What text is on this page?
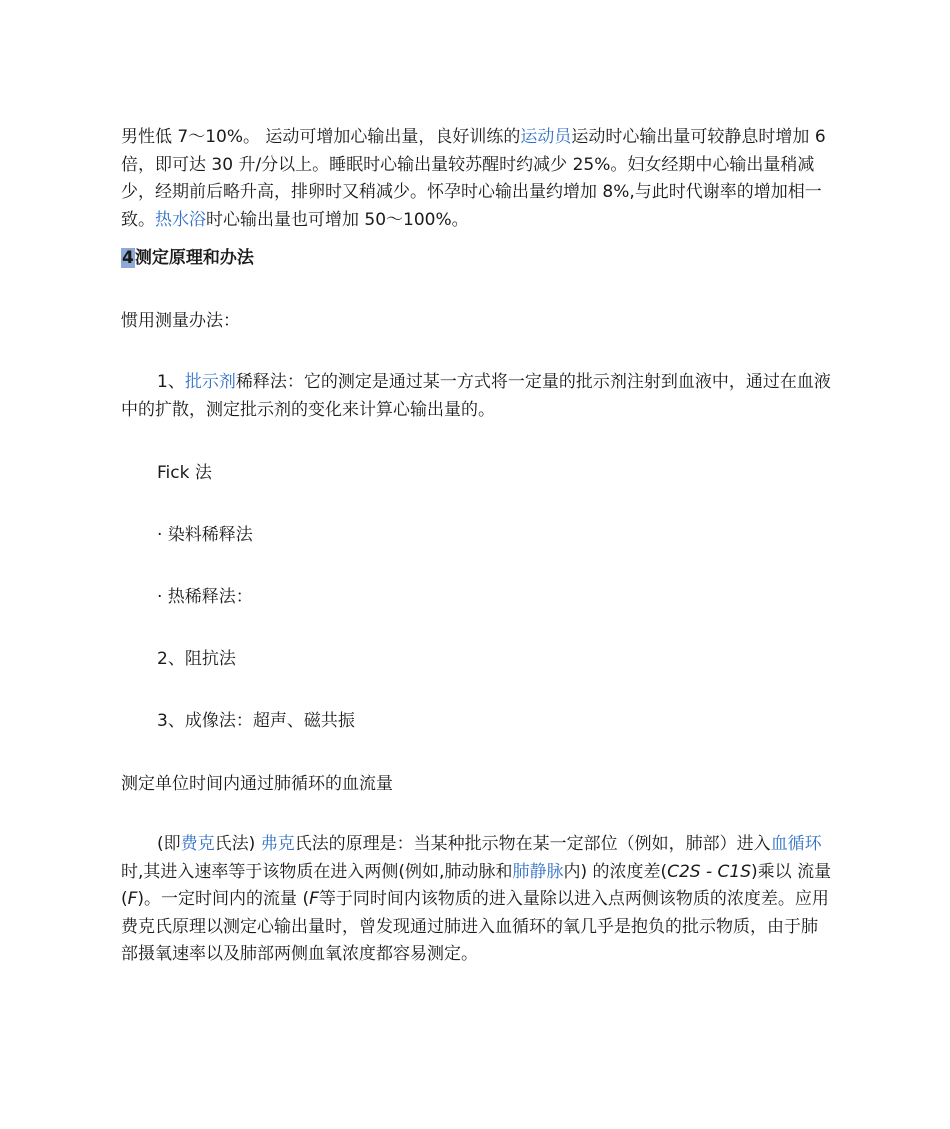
男性低 7～10%。 运动可增加心输出量，良好训练的运动员运动时心输出量可较静息时增加 6 倍，即可达 30 升/分以上。睡眠时心输出量较苏醒时约减少 25%。妇女经期中心输出量稍减少，经期前后略升高，排卵时又稍减少。怀孕时心输出量约增加 8%,与此时代谢率的增加相一致。热水浴时心输出量也可增加 50～100%。

4测定原理和办法

惯用测量办法：

1、批示剂稀释法：它的测定是通过某一方式将一定量的批示剂注射到血液中，通过在血液中的扩散，测定批示剂的变化来计算心输出量的。

Fick 法

· 染料稀释法

· 热稀释法：

2、阻抗法

3、成像法：超声、磁共振

测定单位时间内通过肺循环的血流量

(即费克氏法) 弗克氏法的原理是：当某种批示物在某一定部位（例如，肺部）进入血循环时,其进入速率等于该物质在进入两侧(例如,肺动脉和肺静脉内) 的浓度差(C2S - C1S)乘以 流量(F)。一定时间内的流量 (F等于同时间内该物质的进入量除以进入点两侧该物质的浓度差。应用费克氏原理以测定心输出量时，曾发现通过肺进入血循环的氧几乎是抱负的批示物质，由于肺部摄氧速率以及肺部两侧血氧浓度都容易测定。
